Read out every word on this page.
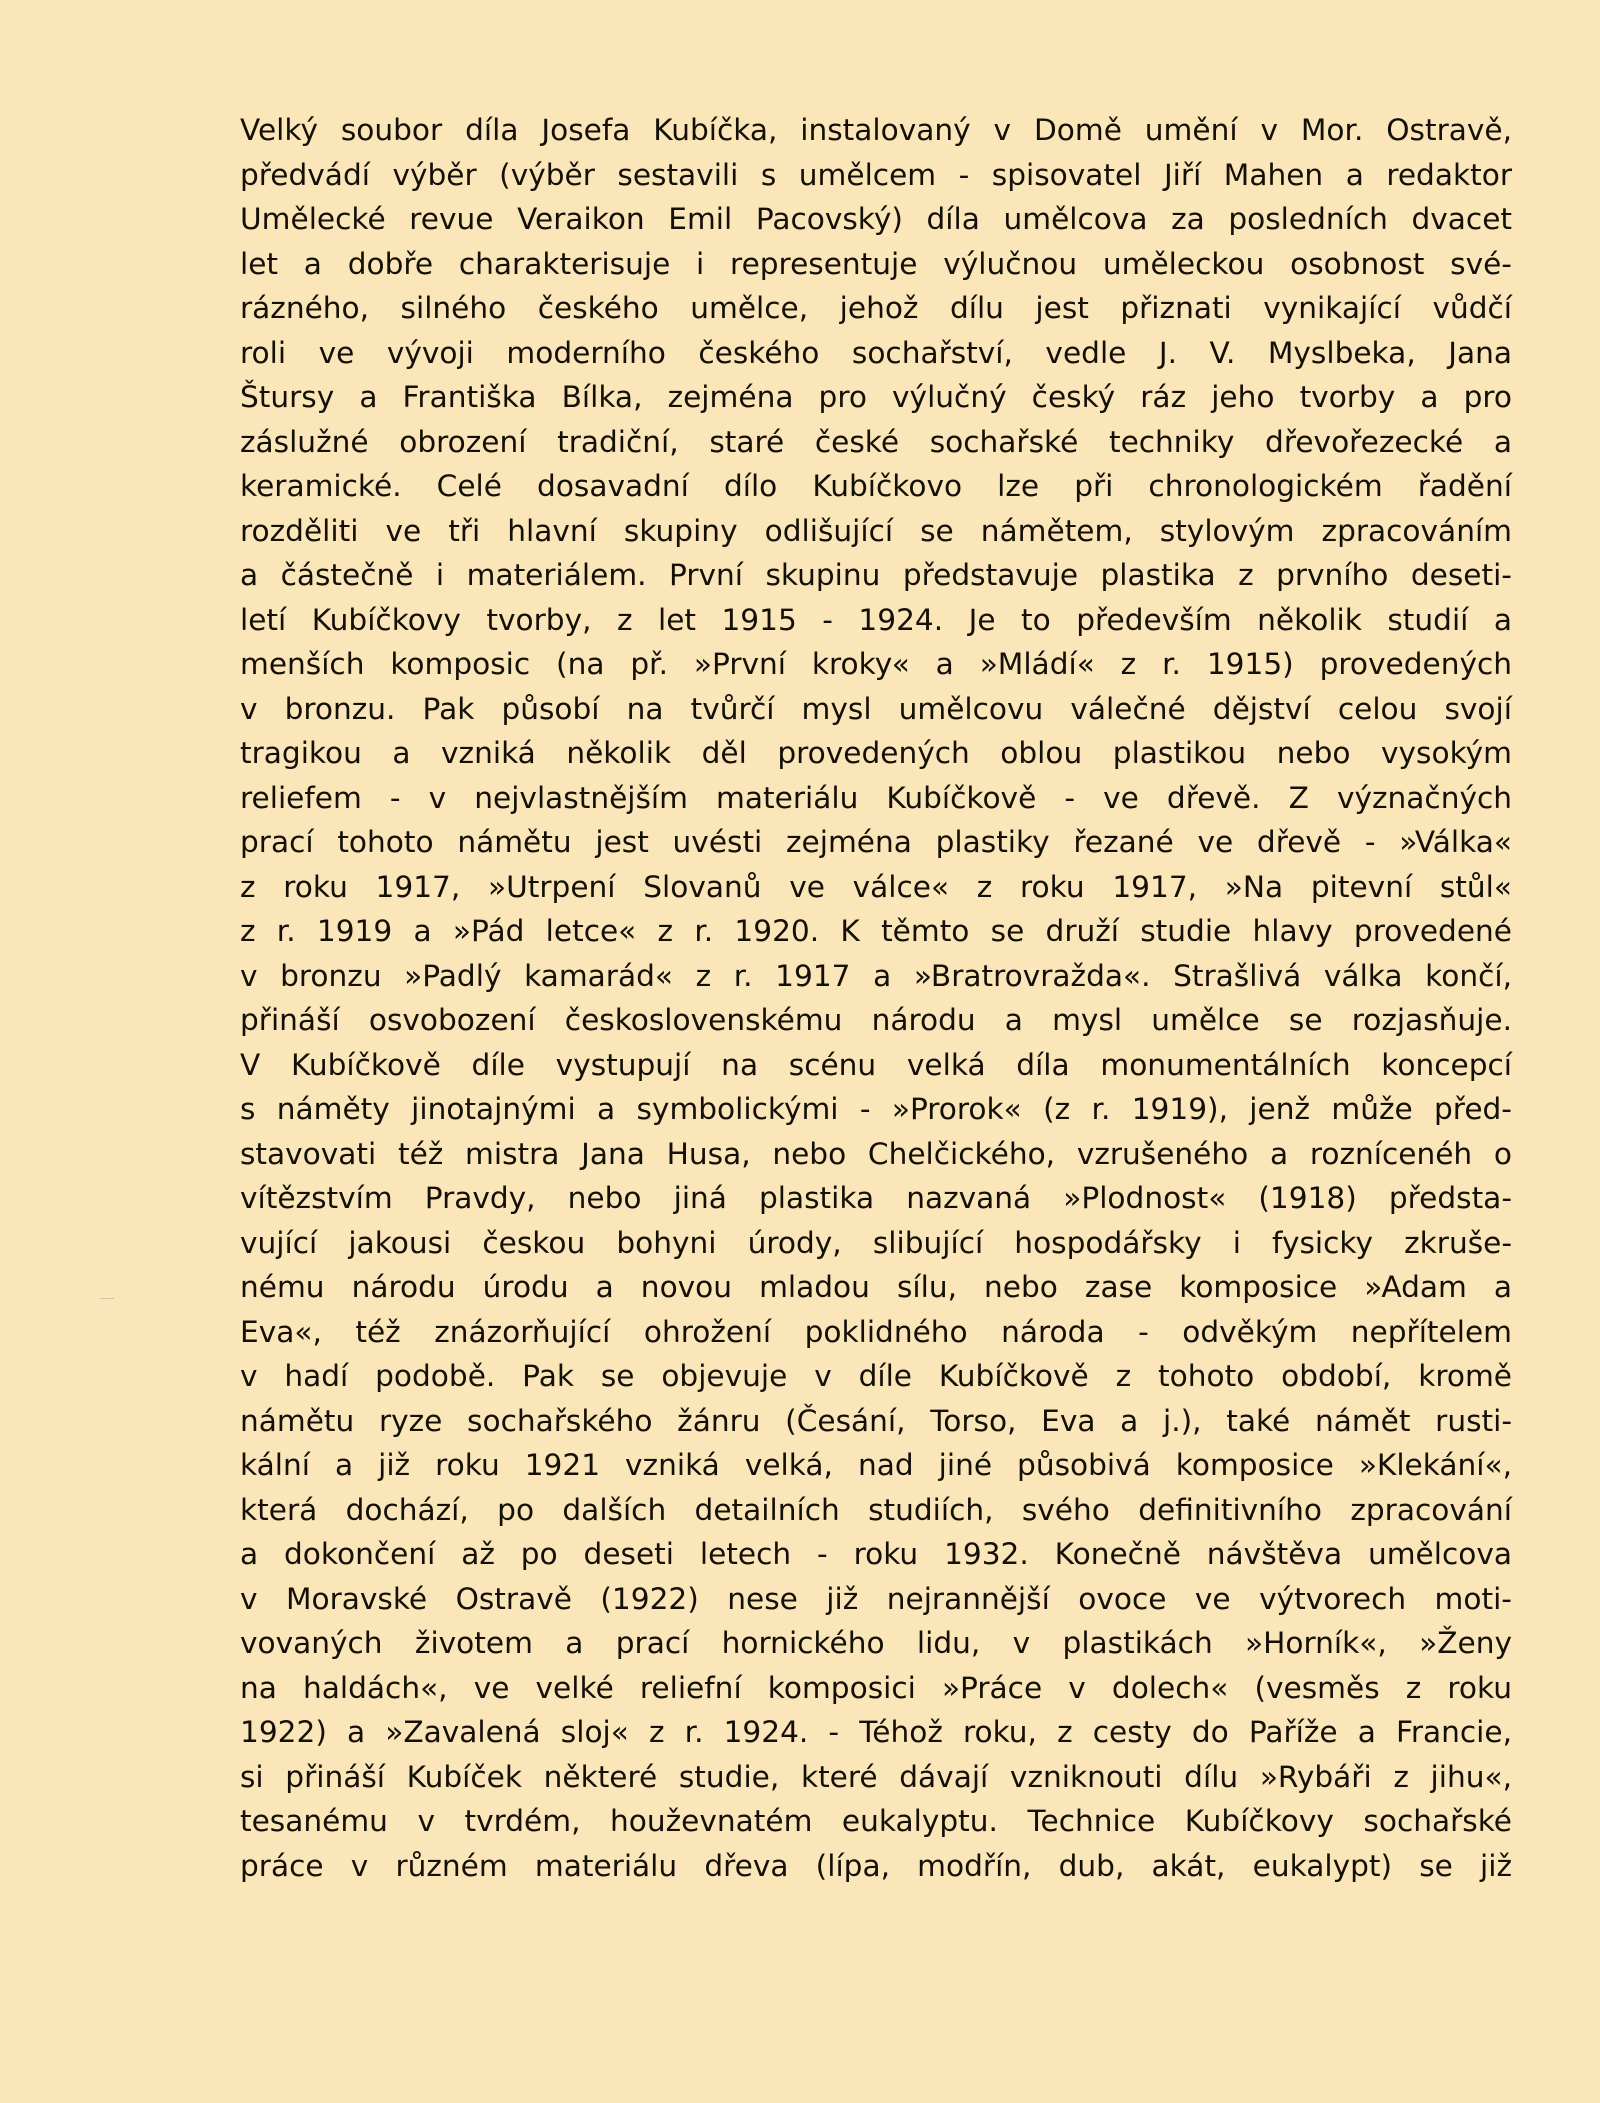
Velký soubor díla Josefa Kubíčka, instalovaný v Domě umění v Mor. Ostravě,
předvádí výběr (výběr sestavili s umělcem - spisovatel Jiří Mahen a redaktor
Umělecké revue Veraikon Emil Pacovský) díla umělcova za posledních dvacet
let a dobře charakterisuje i representuje výlučnou uměleckou osobnost své-
rázného, silného českého umělce, jehož dílu jest přiznati vynikající vůdčí
roli ve vývoji moderního českého sochařství, vedle J. V. Myslbeka, Jana
Štursy a Františka Bílka, zejména pro výlučný český ráz jeho tvorby a pro
záslužné obrození tradiční, staré české sochařské techniky dřevořezecké a
keramické. Celé dosavadní dílo Kubíčkovo lze při chronologickém řadění
rozděliti ve tři hlavní skupiny odlišující se námětem, stylovým zpracováním
a částečně i materiálem. První skupinu představuje plastika z prvního deseti-
letí Kubíčkovy tvorby, z let 1915 - 1924. Je to především několik studií a
menších komposic (na př. »První kroky« a »Mládí« z r. 1915) provedených
v bronzu. Pak působí na tvůrčí mysl umělcovu válečné dějství celou svojí
tragikou a vzniká několik děl provedených oblou plastikou nebo vysokým
reliefem - v nejvlastnějším materiálu Kubíčkově - ve dřevě. Z význačných
prací tohoto námětu jest uvésti zejména plastiky řezané ve dřevě - »Válka«
z roku 1917, »Utrpení Slovanů ve válce« z roku 1917, »Na pitevní stůl«
z r. 1919 a »Pád letce« z r. 1920. K těmto se druží studie hlavy provedené
v bronzu »Padlý kamarád« z r. 1917 a »Bratrovražda«. Strašlivá válka končí,
přináší osvobození československému národu a mysl umělce se rozjasňuje.
V Kubíčkově díle vystupují na scénu velká díla monumentálních koncepcí
s náměty jinotajnými a symbolickými - »Prorok« (z r. 1919), jenž může před-
stavovati též mistra Jana Husa, nebo Chelčického, vzrušeného a roznícenéh o
vítězstvím Pravdy, nebo jiná plastika nazvaná »Plodnost« (1918) předsta-
vující jakousi českou bohyni úrody, slibující hospodářsky i fysicky zkruše-
nému národu úrodu a novou mladou sílu, nebo zase komposice »Adam a
Eva«, též znázorňující ohrožení poklidného národa - odvěkým nepřítelem
v hadí podobě. Pak se objevuje v díle Kubíčkově z tohoto období, kromě
námětu ryze sochařského žánru (Česání, Torso, Eva a j.), také námět rusti-
kální a již roku 1921 vzniká velká, nad jiné působivá komposice »Klekání«,
která dochází, po dalších detailních studiích, svého definitivního zpracování
a dokončení až po deseti letech - roku 1932. Konečně návštěva umělcova
v Moravské Ostravě (1922) nese již nejrannější ovoce ve výtvorech moti-
vovaných životem a prací hornického lidu, v plastikách »Horník«, »Ženy
na haldách«, ve velké reliefní komposici »Práce v dolech« (vesměs z roku
1922) a »Zavalená sloj« z r. 1924. - Téhož roku, z cesty do Paříže a Francie,
si přináší Kubíček některé studie, které dávají vzniknouti dílu »Rybáři z jihu«,
tesanému v tvrdém, houževnatém eukalyptu. Technice Kubíčkovy sochařské
práce v různém materiálu dřeva (lípa, modřín, dub, akát, eukalypt) se již
